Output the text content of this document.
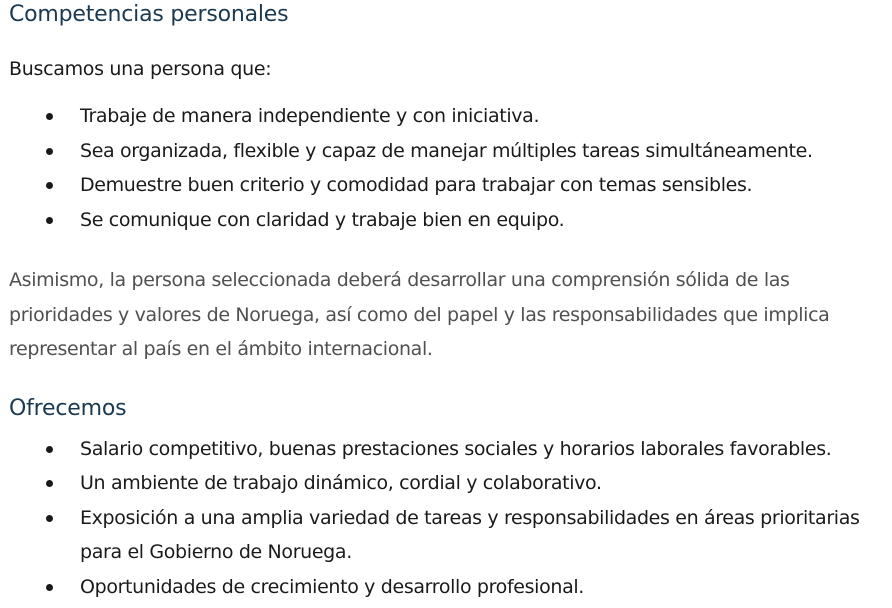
Competencias personales

Buscamos una persona que:

Trabaje de manera independiente y con iniciativa.
Sea organizada, flexible y capaz de manejar múltiples tareas simultáneamente.
Demuestre buen criterio y comodidad para trabajar con temas sensibles.
Se comunique con claridad y trabaje bien en equipo.

Asimismo, la persona seleccionada deberá desarrollar una comprensión sólida de las prioridades y valores de Noruega, así como del papel y las responsabilidades que implica representar al país en el ámbito internacional.

Ofrecemos
Salario competitivo, buenas prestaciones sociales y horarios laborales favorables.
Un ambiente de trabajo dinámico, cordial y colaborativo.
Exposición a una amplia variedad de tareas y responsabilidades en áreas prioritarias para el Gobierno de Noruega.
Oportunidades de crecimiento y desarrollo profesional.
